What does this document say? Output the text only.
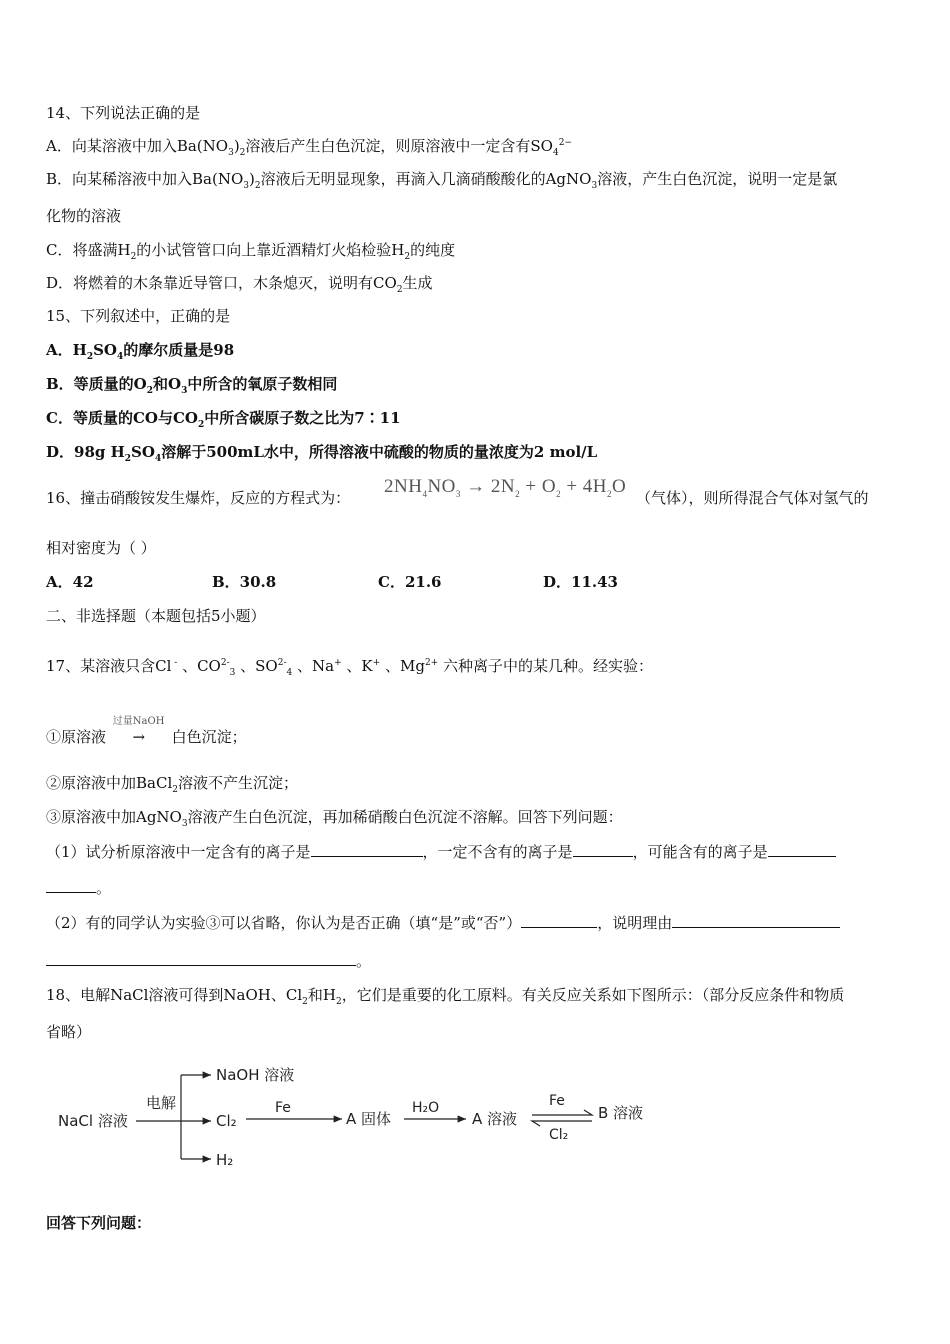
14、下列说法正确的是
A．向某溶液中加入$Ba(NO_3)_2$溶液后产生白色沉淀，则原溶液中一定含有$SO_4^{2-}$
B．向某稀溶液中加入$Ba(NO_3)_2$溶液后无明显现象，再滴入几滴硝酸酸化的AgNO$_3$溶液，产生白色沉淀，说明一定是氯
化物的溶液
C．将盛满$H_2$的小试管管口向上靠近酒精灯火焰检验$H_2$的纯度
D．将燃着的木条靠近导管口，木条熄灭，说明有$CO_2$生成
15、下列叙述中，正确的是
A．$H_2SO_4$的摩尔质量是98
B．等质量的$O_2$和$O_3$中所含的氧原子数相同
C．等质量的CO与$CO_2$中所含碳原子数之比为7∶11
D．98g $H_2SO_4$溶解于500mL水中，所得溶液中硫酸的物质的量浓度为2 mol/L
16、撞击硝酸铵发生爆炸，反应的方程式为：
$2NH_4NO_3 \to 2N_2 + O_2 + 4H_2O$
（气体），则所得混合气体对氢气的
相对密度为（ ）
A．42	B．30.8	C．21.6	D．11.43
二、非选择题（本题包括5小题）
17、某溶液只含Cl - 、$CO^{2-}_3$ 、$SO^{2-}_4$ 、Na+ 、K+ 、$Mg^{2+}$ 六种离子中的某几种。经实验：
①原溶液
过量NaOH
→ 白色沉淀；
②原溶液中加BaCl$_2$溶液不产生沉淀；
③原溶液中加AgNO$_3$溶液产生白色沉淀，再加稀硝酸白色沉淀不溶解。回答下列问题：
（1）试分析原溶液中一定含有的离子是	，一定不含有的离子是	，可能含有的离子是
。
（2）有的同学认为实验③可以省略，你认为是否正确（填“是”或“否”）	，说明理由
。
18、电解NaCl溶液可得到NaOH、$Cl_2$和$H_2$，它们是重要的化工原料。有关反应关系如下图所示：（部分反应条件和物质
省略）
NaCl 溶液
电解
NaOH 溶液
Cl₂
H₂
Fe
A 固体
H₂O
A 溶液
Fe
Cl₂
B 溶液
回答下列问题：
